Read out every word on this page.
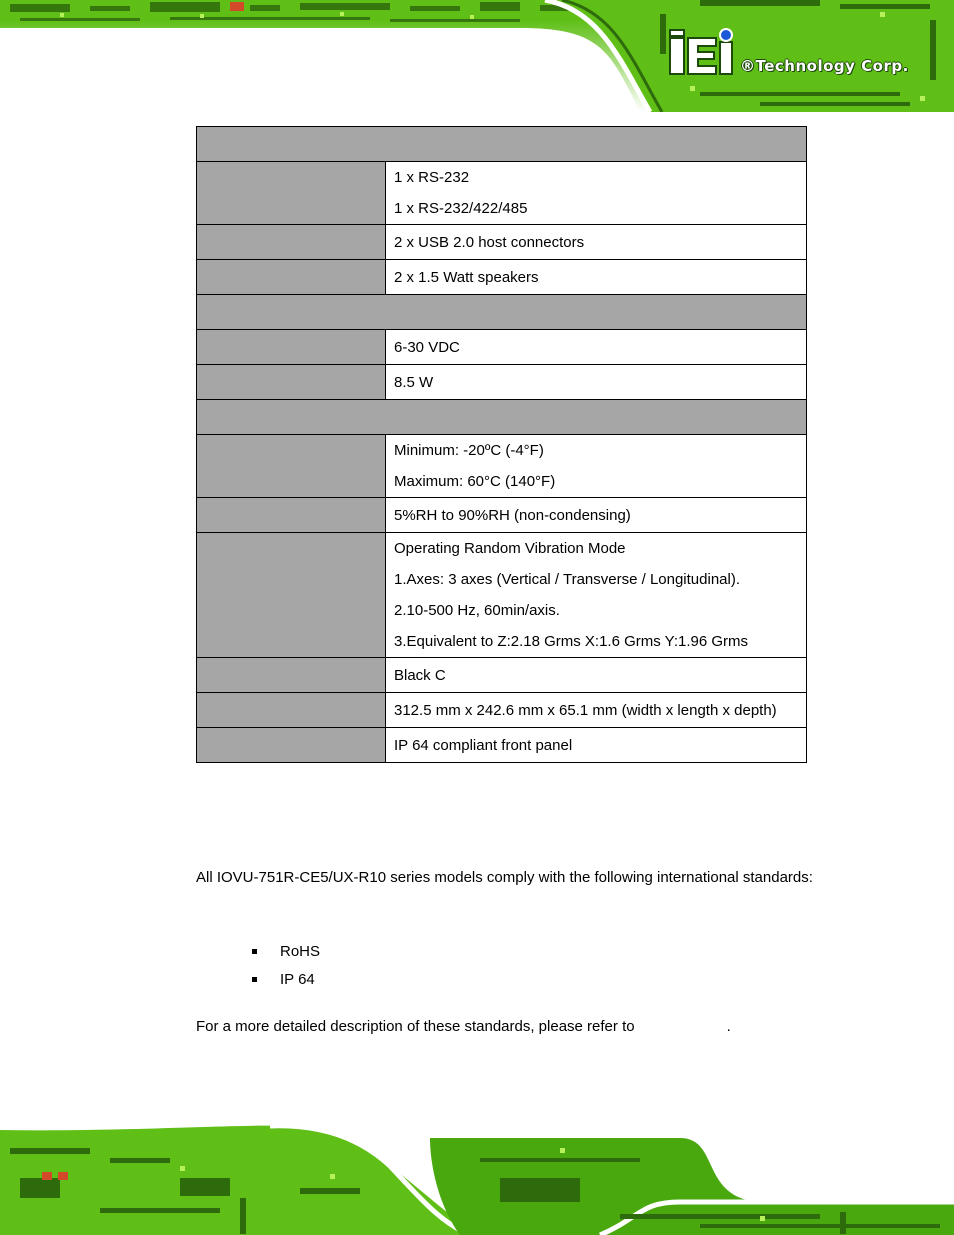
®Technology Corp.

	1 x RS-232
1 x RS-232/422/485

	2 x USB 2.0 host connectors

	2 x 1.5 Watt speakers

	6-30 VDC

	8.5 W

	Minimum: -20ºC (-4°F)
Maximum: 60°C (140°F)

	5%RH to 90%RH (non-condensing)

	Operating Random Vibration Mode
1.Axes: 3 axes (Vertical / Transverse / Longitudinal).
2.10-500 Hz, 60min/axis.
3.Equivalent to Z:2.18 Grms X:1.6 Grms Y:1.96 Grms

	Black C

	312.5 mm x 242.6 mm x 65.1 mm (width x length x depth)

	IP 64 compliant front panel
All IOVU-751R-CE5/UX-R10 series models comply with the following international standards:
RoHS
IP 64
For a more detailed description of these standards, please refer to	.
